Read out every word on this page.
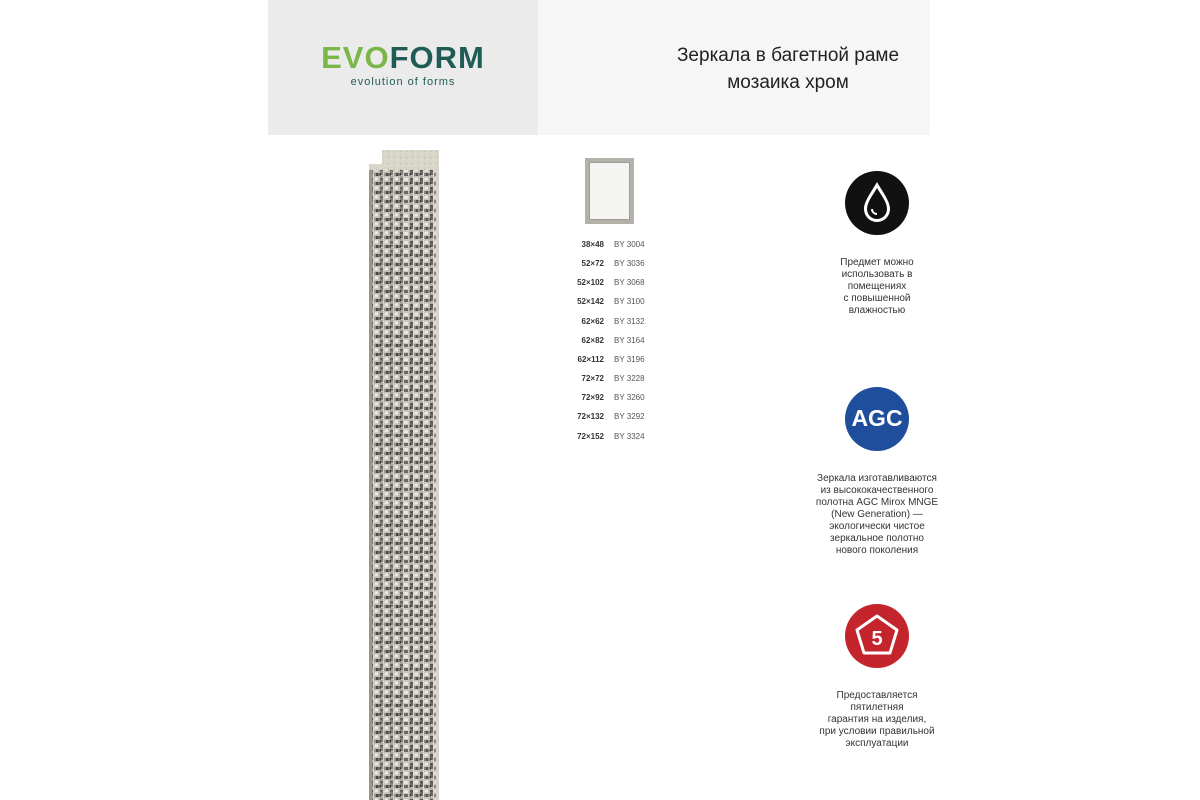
EVOFORM
evolution of forms
Зеркала в багетной раме
мозаика хром
38×48 BY 3004
52×72 BY 3036
52×102 BY 3068
52×142 BY 3100
62×62 BY 3132
62×82 BY 3164
62×112 BY 3196
72×72 BY 3228
72×92 BY 3260
72×132 BY 3292
72×152 BY 3324
Предмет можно
использовать в
помещениях
с повышенной
влажностью
AGC
Зеркала изготавливаются
из высококачественного
полотна AGC Mirox MNGE
(New Generation) —
экологически чистое
зеркальное полотно
нового поколения
5
Предоставляется
пятилетняя
гарантия на изделия,
при условии правильной
эксплуатации
